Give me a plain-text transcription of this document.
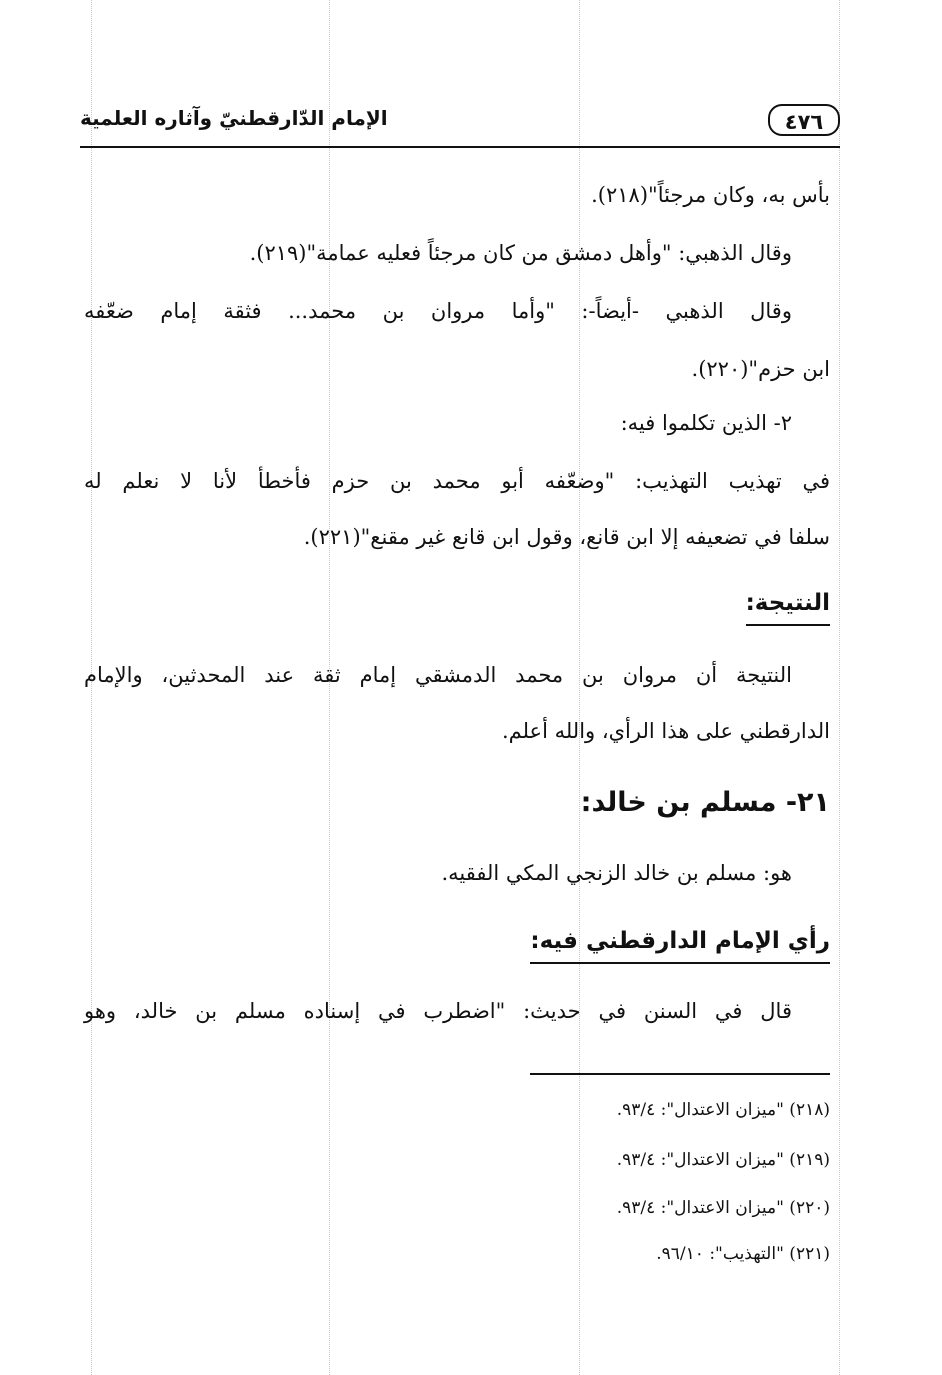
٤٧٦
الإمام الدّارقطنيّ وآثاره العلمية
بأس به، وكان مرجئاً"(٢١٨).
وقال الذهبي: "وأهل دمشق من كان مرجئاً فعليه عمامة"(٢١٩).
وقال الذهبي -أيضاً-: "وأما مروان بن محمد... فثقة إمام ضعّفه
ابن حزم"(٢٢٠).
٢- الذين تكلموا فيه:
في تهذيب التهذيب: "وضعّفه أبو محمد بن حزم فأخطأ لأنا لا نعلم له
سلفا في تضعيفه إلا ابن قانع، وقول ابن قانع غير مقنع"(٢٢١).
النتيجة:
النتيجة أن مروان بن محمد الدمشقي إمام ثقة عند المحدثين، والإمام
الدارقطني على هذا الرأي، والله أعلم.
٢١- مسلم بن خالد:
هو: مسلم بن خالد الزنجي المكي الفقيه.
رأي الإمام الدارقطني فيه:
قال في السنن في حديث: "اضطرب في إسناده مسلم بن خالد، وهو
(٢١٨) "ميزان الاعتدال": ٩٣/٤.
(٢١٩) "ميزان الاعتدال": ٩٣/٤.
(٢٢٠) "ميزان الاعتدال": ٩٣/٤.
(٢٢١) "التهذيب": ٩٦/١٠.
